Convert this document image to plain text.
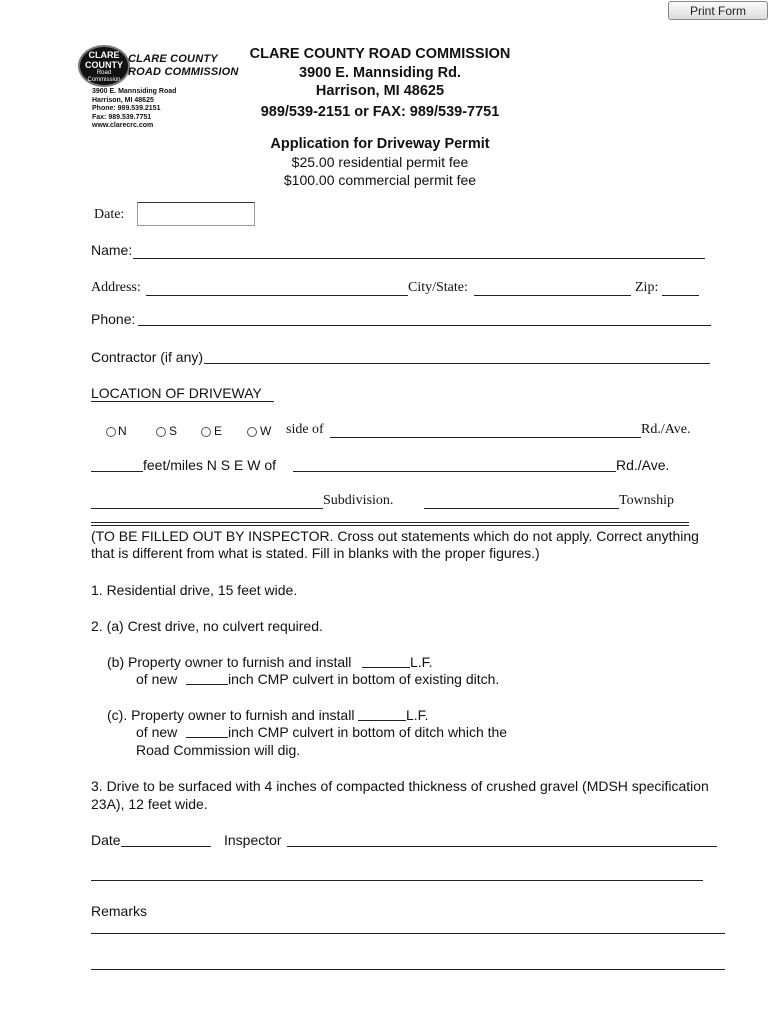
Print Form
CLARE
COUNTY
Road
Commission
CLARE COUNTY
ROAD COMMISSION
3900 E. Mannsiding Road
Harrison, MI 48625
Phone: 989.539.2151
Fax: 989.539.7751
www.clarecrc.com
CLARE COUNTY ROAD COMMISSION
3900 E. Mannsiding Rd.
Harrison, MI 48625
989/539-2151 or FAX: 989/539-7751
Application for Driveway Permit
$25.00 residential permit fee
$100.00 commercial permit fee
Date:
Name:
Address:	City/State:	Zip:
Phone:
Contractor (if any)
LOCATION OF DRIVEWAY
N	S	E	W side of	Rd./Ave.
feet/miles N S E W of	Rd./Ave.
Subdivision.	Township
(TO BE FILLED OUT BY INSPECTOR. Cross out statements which do not apply. Correct anything
that is different from what is stated. Fill in blanks with the proper figures.)
1. Residential drive, 15 feet wide.
2. (a) Crest drive, no culvert required.
(b) Property owner to furnish and install	L.F.
of new	inch CMP culvert in bottom of existing ditch.
(c). Property owner to furnish and install	L.F.
of new	inch CMP culvert in bottom of ditch which the
Road Commission will dig.
3. Drive to be surfaced with 4 inches of compacted thickness of crushed gravel (MDSH specification
23A), 12 feet wide.
Date	Inspector
Remarks
